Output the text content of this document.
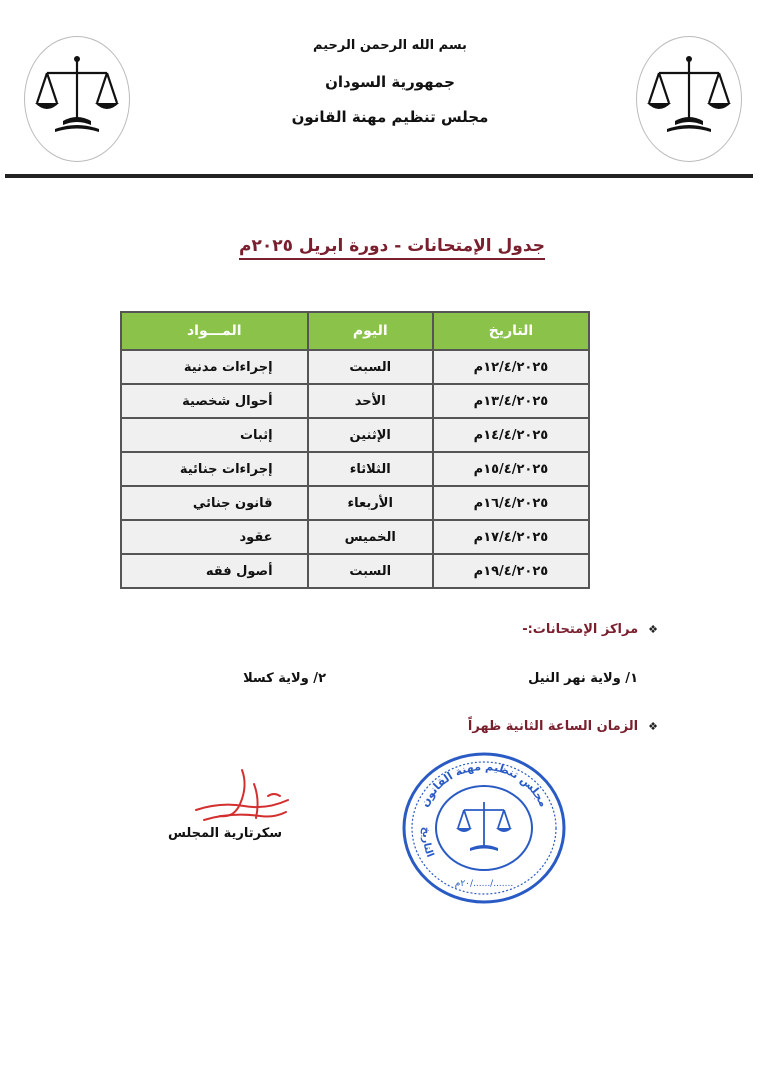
بسم الله الرحمن الرحيم
جمهورية السودان
مجلس تنظيم مهنة القانون
جدول الإمتحانات - دورة ابريل ٢٠٢٥م
التاريخ	اليوم	المـــواد
١٢/٤/٢٠٢٥م	السبت	إجراءات مدنية
١٣/٤/٢٠٢٥م	الأحد	أحوال شخصية
١٤/٤/٢٠٢٥م	الإثنين	إثبات
١٥/٤/٢٠٢٥م	الثلاثاء	إجراءات جنائية
١٦/٤/٢٠٢٥م	الأربعاء	قانون جنائي
١٧/٤/٢٠٢٥م	الخميس	عقود
١٩/٤/٢٠٢٥م	السبت	أصول فقه
❖مراكز الإمتحانات:-
١/ ولاية نهر النيل
٢/ ولاية كسلا
❖الزمان الساعة الثانية ظهراً
مجلس تنظيم مهنة القانون
التاريخ
......./....../٢٠م
سكرتارية المجلس
